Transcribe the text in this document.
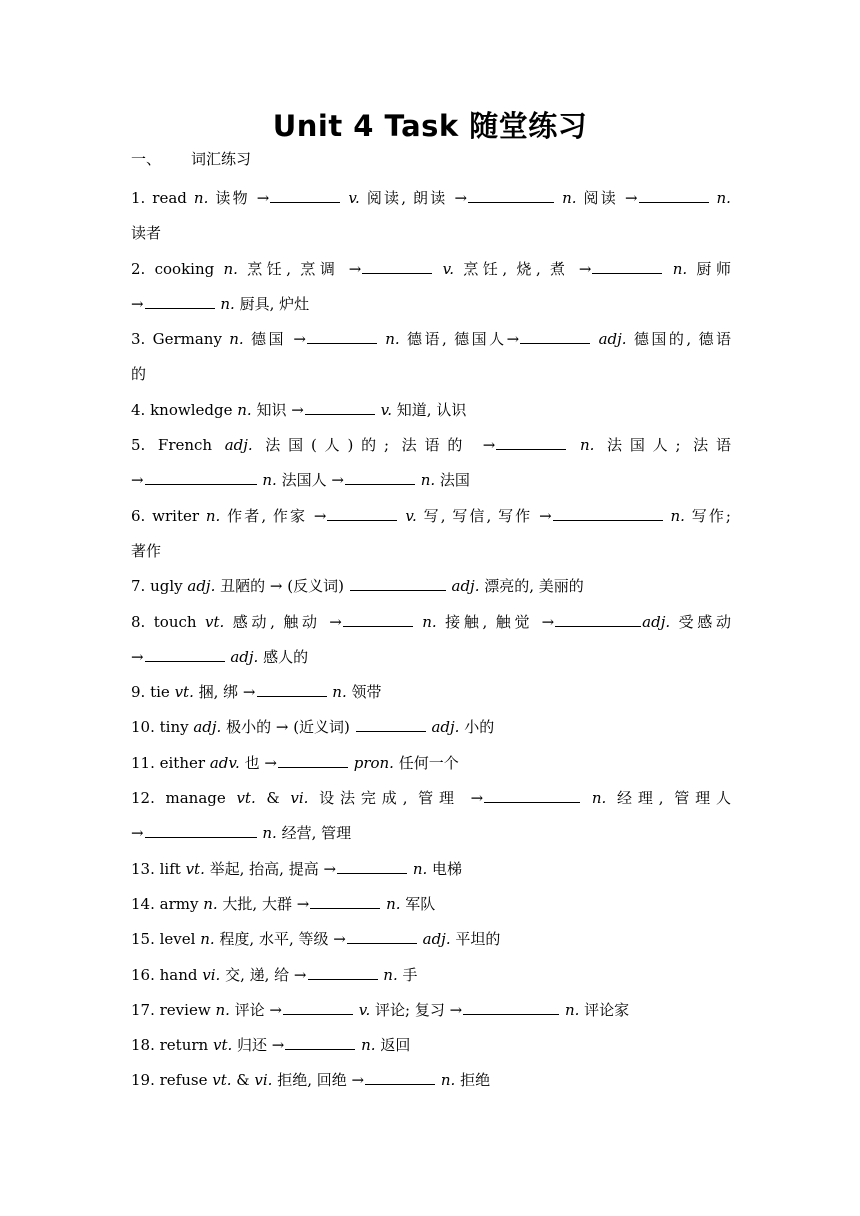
Unit 4 Task 随堂练习
一、 词汇练习
1. read n. 读物 →	v. 阅读, 朗读 →	n. 阅读 →	n.
读者
2. cooking n. 烹饪, 烹调 →	v. 烹饪, 烧, 煮 →	n. 厨师
→	n. 厨具, 炉灶
3. Germany n. 德国 →	n. 德语, 德国人→	adj. 德国的, 德语
的
4. knowledge n. 知识 →	v. 知道, 认识
5. French adj. 法国(人)的; 法语的 →	n. 法国人; 法语
→	n. 法国人 →	n. 法国
6. writer n. 作者, 作家 →	v. 写, 写信, 写作 →	n. 写作;
著作
7. ugly adj. 丑陋的 → (反义词)	adj. 漂亮的, 美丽的
8. touch vt. 感动, 触动 →	n. 接触, 触觉 →	adj. 受感动
→	adj. 感人的
9. tie vt. 捆, 绑 →	n. 领带
10. tiny adj. 极小的 → (近义词)	adj. 小的
11. either adv. 也 →	pron. 任何一个
12. manage vt. & vi. 设法完成, 管理 →	n. 经理, 管理人
→	n. 经营, 管理
13. lift vt. 举起, 抬高, 提高 →	n. 电梯
14. army n. 大批, 大群 →	n. 军队
15. level n. 程度, 水平, 等级 →	adj. 平坦的
16. hand vi. 交, 递, 给 →	n. 手
17. review n. 评论 →	v. 评论; 复习 →	n. 评论家
18. return vt. 归还 →	n. 返回
19. refuse vt. & vi. 拒绝, 回绝 →	n. 拒绝
